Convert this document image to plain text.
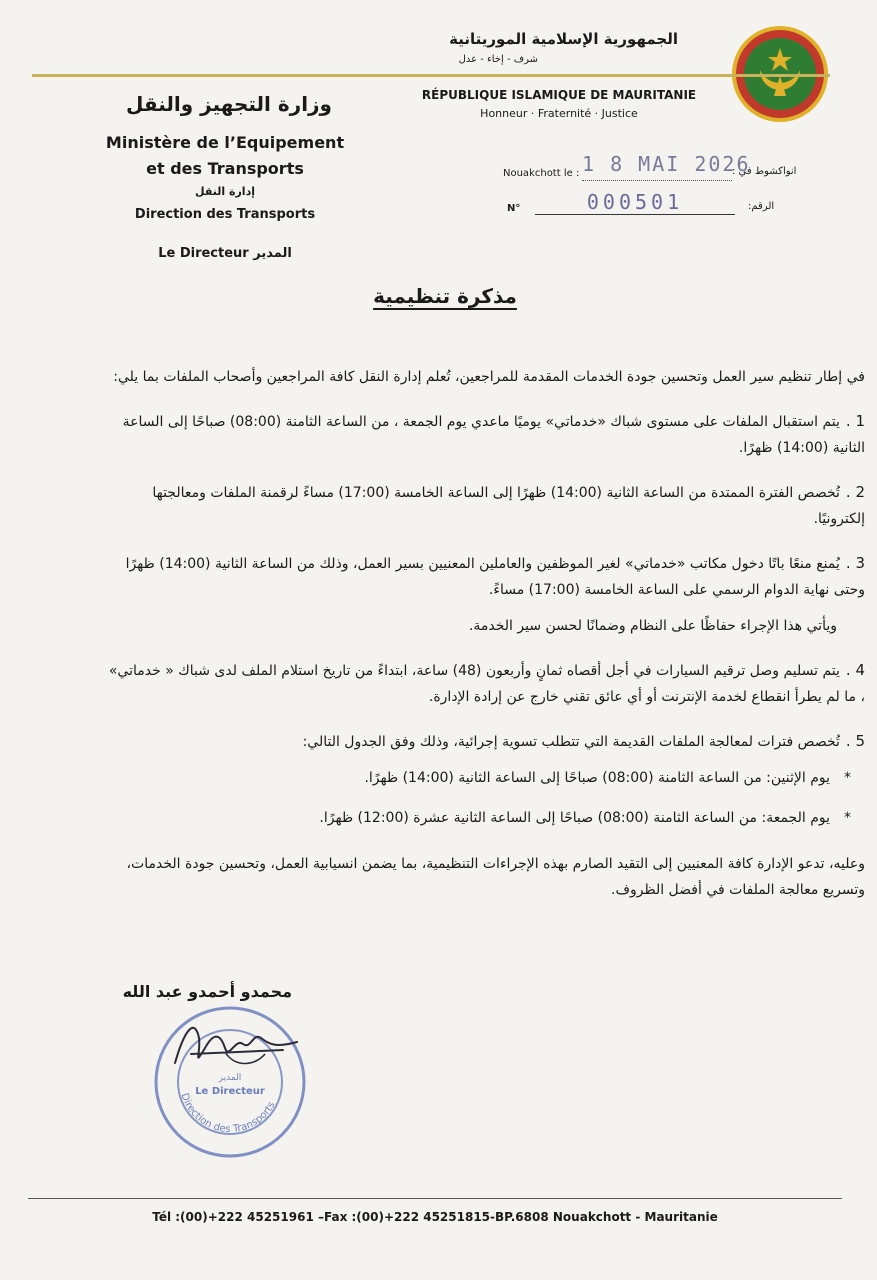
الجمهورية الإسلامية الموريتانية
شرف - إخاء - عدل
RÉPUBLIQUE ISLAMIQUE DE MAURITANIE
Honneur · Fraternité · Justice
وزارة التجهيز والنقل
Ministère de l’Equipement
et des Transports
إدارة النقل
Direction des Transports
Le Directeur المدير
Nouakchott le : 1 8 MAI 2026
انواكشوط في :
N°	000501	الرقم:
مذكرة تنظيمية

في إطار تنظيم سير العمل وتحسين جودة الخدمات المقدمة للمراجعين، تُعلم إدارة النقل كافة المراجعين وأصحاب الملفات بما يلي:

1 .يتم استقبال الملفات على مستوى شباك «خدماتي» يوميًا ماعدي يوم الجمعة ، من الساعة الثامنة (08:00) صباحًا إلى الساعة الثانية (14:00) ظهرًا.

2 .تُخصص الفترة الممتدة من الساعة الثانية (14:00) ظهرًا إلى الساعة الخامسة (17:00) مساءً لرقمنة الملفات ومعالجتها إلكترونيًا.

3 .يُمنع منعًا باتًا دخول مكاتب «خدماتي» لغير الموظفين والعاملين المعنيين بسير العمل، وذلك من الساعة الثانية (14:00) ظهرًا وحتى نهاية الدوام الرسمي على الساعة الخامسة (17:00) مساءً.

ويأتي هذا الإجراء حفاظًا على النظام وضمانًا لحسن سير الخدمة.

4 .يتم تسليم وصل ترقيم السيارات في أجل أقصاه ثمانٍ وأربعون (48) ساعة، ابتداءً من تاريخ استلام الملف لدى شباك « خدماتي» ، ما لم يطرأ انقطاع لخدمة الإنترنت أو أي عائق تقني خارج عن إرادة الإدارة.

5 .تُخصص فترات لمعالجة الملفات القديمة التي تتطلب تسوية إجرائية، وذلك وفق الجدول التالي:

* يوم الإثنين: من الساعة الثامنة (08:00) صباحًا إلى الساعة الثانية (14:00) ظهرًا.

* يوم الجمعة: من الساعة الثامنة (08:00) صباحًا إلى الساعة الثانية عشرة (12:00) ظهرًا.

وعليه، تدعو الإدارة كافة المعنيين إلى التقيد الصارم بهذه الإجراءات التنظيمية، بما يضمن انسيابية العمل، وتحسين جودة الخدمات، وتسريع معالجة الملفات في أفضل الظروف.

محمدو أحمدو عبد الله
Direction des Transports
المدير
Le Directeur
Tél :(00)+222 45251961 –Fax :(00)+222 45251815-BP.6808 Nouakchott - Mauritanie
